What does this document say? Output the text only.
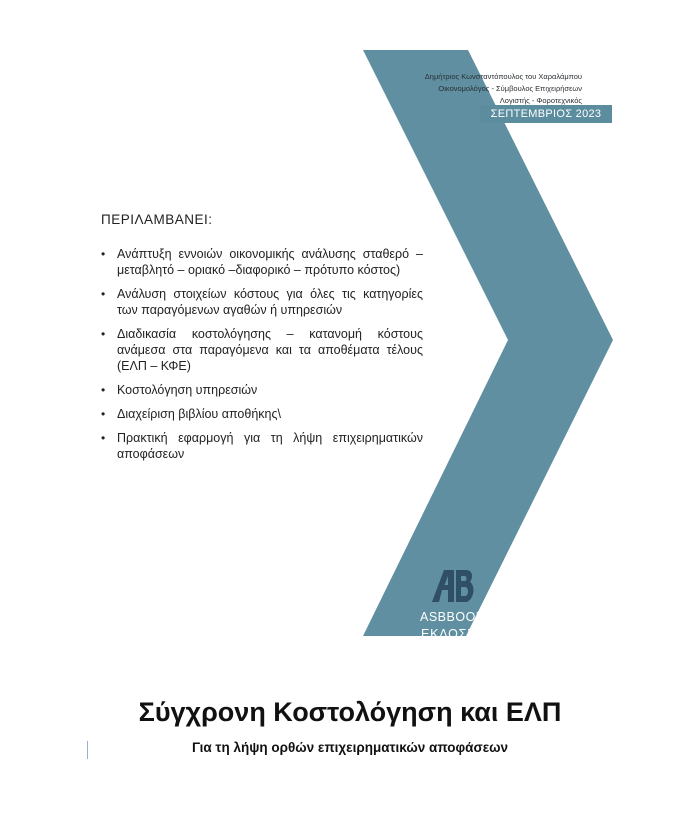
Δημήτριος Κωνσταντόπουλος του Χαραλάμπου
Οικονομολόγος - Σύμβουλος Επιχειρήσεων
Λογιστής - Φοροτεχνικός
ΣΕΠΤΕΜΒΡΙΟΣ 2023
ΠΕΡΙΛΑΜΒΑΝΕΙ:
• Ανάπτυξη εννοιών οικονομικής ανάλυσης σταθερό – μεταβλητό – οριακό –διαφορικό – πρότυπο κόστος)
• Ανάλυση στοιχείων κόστους για όλες τις κατηγορίες των παραγόμενων αγαθών ή υπηρεσιών
• Διαδικασία κοστολόγησης – κατανομή κόστους ανάμεσα στα παραγόμενα και τα αποθέματα τέλους (ΕΛΠ – ΚΦΕ)
• Κοστολόγηση υπηρεσιών
• Διαχείριση βιβλίου αποθήκης\
• Πρακτική εφαρμογή για τη λήψη επιχειρηματικών αποφάσεων
ASBBOOKS
ΕΚΔΟΣΕΙΣ
Σύγχρονη Κοστολόγηση και ΕΛΠ
Για τη λήψη ορθών επιχειρηματικών αποφάσεων
